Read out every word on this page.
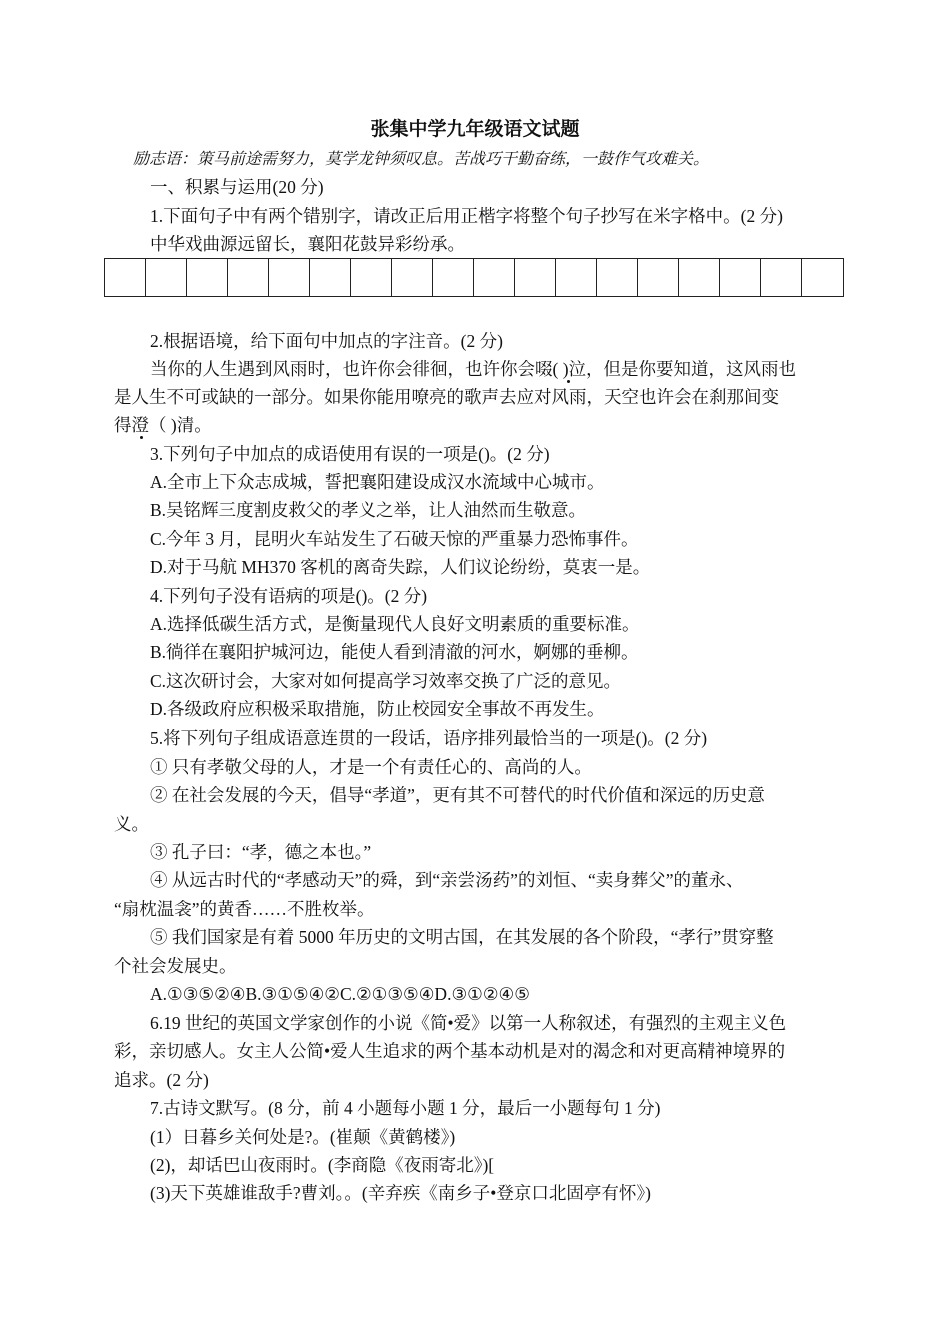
张集中学九年级语文试题
励志语：策马前途需努力，莫学龙钟须叹息。苦战巧干勤奋练，一鼓作气攻难关。
一、积累与运用(20 分)
1.下面句子中有两个错别字，请改正后用正楷字将整个句子抄写在米字格中。(2 分)
中华戏曲源远留长，襄阳花鼓异彩纷承。
2.根据语境，给下面句中加点的字注音。(2 分)
当你的人生遇到风雨时，也许你会徘徊，也许你会啜( )泣，但是你要知道，这风雨也
是人生不可或缺的一部分。如果你能用嘹亮的歌声去应对风雨，天空也许会在刹那间变
得澄（ )清。
3.下列句子中加点的成语使用有误的一项是()。(2 分)
A.全市上下众志成城，誓把襄阳建设成汉水流域中心城市。
B.吴铭辉三度割皮救父的孝义之举，让人油然而生敬意。
C.今年 3 月，昆明火车站发生了石破天惊的严重暴力恐怖事件。
D.对于马航 MH370 客机的离奇失踪，人们议论纷纷，莫衷一是。
4.下列句子没有语病的项是()。(2 分)
A.选择低碳生活方式，是衡量现代人良好文明素质的重要标准。
B.徜徉在襄阳护城河边，能使人看到清澈的河水，婀娜的垂柳。
C.这次研讨会，大家对如何提高学习效率交换了广泛的意见。
D.各级政府应积极采取措施，防止校园安全事故不再发生。
5.将下列句子组成语意连贯的一段话，语序排列最恰当的一项是()。(2 分)
① 只有孝敬父母的人，才是一个有责任心的、高尚的人。
② 在社会发展的今天，倡导“孝道”，更有其不可替代的时代价值和深远的历史意
义。
③ 孔子曰：“孝，德之本也。”
④ 从远古时代的“孝感动天”的舜，到“亲尝汤药”的刘恒、“卖身葬父”的董永、
“扇枕温衾”的黄香……不胜枚举。
⑤ 我们国家是有着 5000 年历史的文明古国，在其发展的各个阶段，“孝行”贯穿整
个社会发展史。
A.①③⑤②④B.③①⑤④②C.②①③⑤④D.③①②④⑤
6.19 世纪的英国文学家创作的小说《简•爱》以第一人称叙述，有强烈的主观主义色
彩，亲切感人。女主人公简•爱人生追求的两个基本动机是对的渴念和对更高精神境界的
追求。(2 分)
7.古诗文默写。(8 分，前 4 小题每小题 1 分，最后一小题每句 1 分)
(1）日暮乡关何处是?。(崔颠《黄鹤楼》)
(2)，却话巴山夜雨时。(李商隐《夜雨寄北》)[
(3)天下英雄谁敌手?曹刘。。(辛弃疾《南乡子•登京口北固亭有怀》)
